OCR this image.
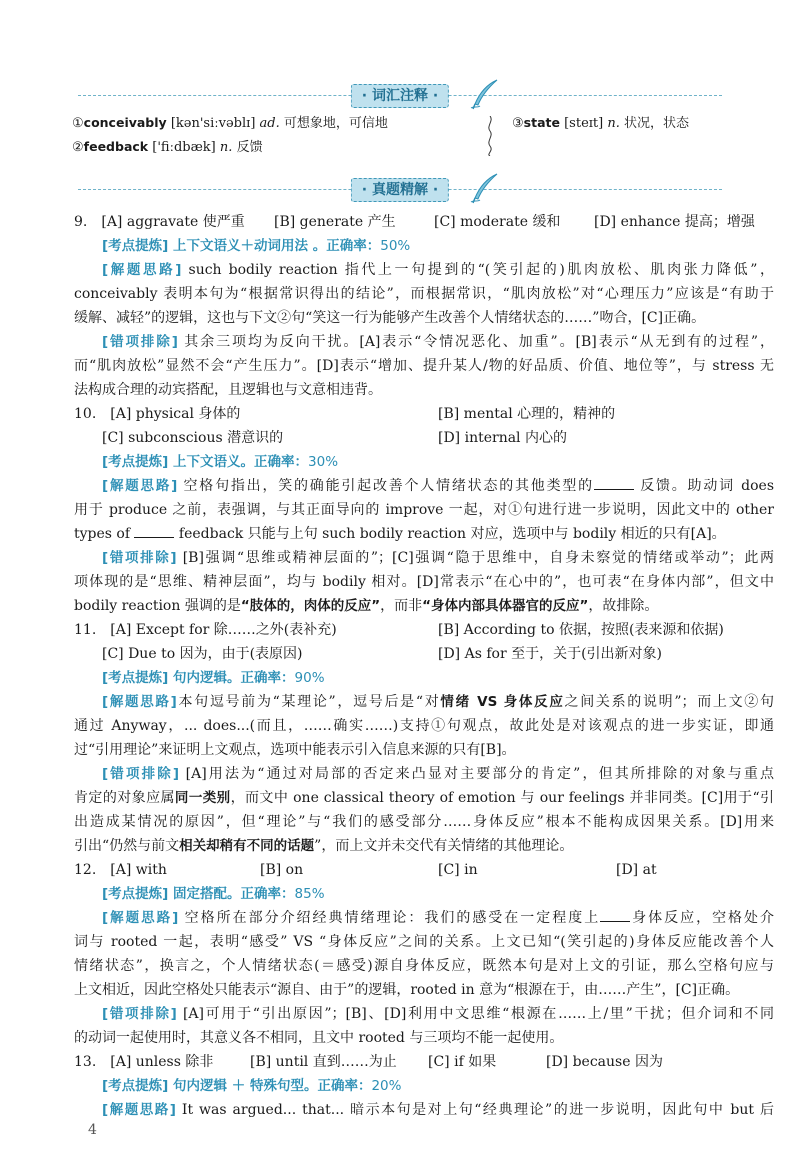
· 词汇注释 ·
①conceivably [kən'siːvəblɪ] ad. 可想象地，可信地
②feedback ['fiːdbæk] n. 反馈
③state [steɪt] n. 状况，状态
· 真题精解 ·
9.　[A] aggravate 使严重 [B] generate 产生	[C] moderate 缓和 [D] enhance 提高；增强
[考点提炼] 上下文语义＋动词用法 。正确率：50%
[解题思路] such bodily reaction 指代上一句提到的“(笑引起的)肌肉放松、肌肉张力降低”，
conceivably 表明本句为“根据常识得出的结论”，而根据常识，“肌肉放松”对“心理压力”应该是“有助于
缓解、减轻”的逻辑，这也与下文②句“笑这一行为能够产生改善个人情绪状态的……”吻合，[C]正确。
[错项排除] 其余三项均为反向干扰。[A]表示“令情况恶化、加重”。[B]表示“从无到有的过程”，
而“肌肉放松”显然不会“产生压力”。[D]表示“增加、提升某人/物的好品质、价值、地位等”，与 stress 无
法构成合理的动宾搭配，且逻辑也与文意相违背。
10.　[A] physical 身体的	[B] mental 心理的，精神的
[C] subconscious 潜意识的	[D] internal 内心的
[考点提炼] 上下文语义。正确率：30%
[解题思路] 空格句指出，笑的确能引起改善个人情绪状态的其他类型的	反馈。助动词 does
用于 produce 之前，表强调，与其正面导向的 improve 一起，对①句进行进一步说明，因此文中的 other
types of	feedback 只能与上句 such bodily reaction 对应，选项中与 bodily 相近的只有[A]。
[错项排除] [B]强调“思维或精神层面的”；[C]强调“隐于思维中，自身未察觉的情绪或举动”；此两
项体现的是“思维、精神层面”，均与 bodily 相对。[D]常表示“在心中的”，也可表“在身体内部”，但文中
bodily reaction 强调的是“肢体的，肉体的反应”，而非“身体内部具体器官的反应”，故排除。
11.　[A] Except for 除……之外(表补充)	[B] According to 依据，按照(表来源和依据)
[C] Due to 因为，由于(表原因)	[D] As for 至于，关于(引出新对象)
[考点提炼] 句内逻辑。正确率：90%
[解题思路]本句逗号前为“某理论”，逗号后是“对情绪 VS 身体反应之间关系的说明”；而上文②句
通过 Anyway，... does...(而且，……确实……)支持①句观点，故此处是对该观点的进一步实证，即通
过“引用理论”来证明上文观点，选项中能表示引入信息来源的只有[B]。
[错项排除] [A]用法为“通过对局部的否定来凸显对主要部分的肯定”，但其所排除的对象与重点
肯定的对象应属同一类别，而文中 one classical theory of emotion 与 our feelings 并非同类。[C]用于“引
出造成某情况的原因”，但“理论”与“我们的感受部分……身体反应”根本不能构成因果关系。[D]用来
引出“仍然与前文相关却稍有不同的话题”，而上文并未交代有关情绪的其他理论。
12.　[A] with	[B] on	[C] in	[D] at
[考点提炼] 固定搭配。正确率：85%
[解题思路] 空格所在部分介绍经典情绪理论：我们的感受在一定程度上 身体反应，空格处介
词与 rooted 一起，表明“感受” VS “身体反应”之间的关系。上文已知“(笑引起的)身体反应能改善个人
情绪状态”，换言之，个人情绪状态(＝感受)源自身体反应，既然本句是对上文的引证，那么空格句应与
上文相近，因此空格处只能表示“源自、由于”的逻辑，rooted in 意为“根源在于，由……产生”，[C]正确。
[错项排除] [A]可用于“引出原因”；[B]、[D]利用中文思维“根源在……上/里”干扰；但介词和不同
的动词一起使用时，其意义各不相同，且文中 rooted 与三项均不能一起使用。
13.　[A] unless 除非	[B] until 直到……为止 [C] if 如果	[D] because 因为
[考点提炼] 句内逻辑 ＋ 特殊句型。正确率：20%
[解题思路] It was argued... that... 暗示本句是对上句“经典理论”的进一步说明，因此句中 but 后
4
